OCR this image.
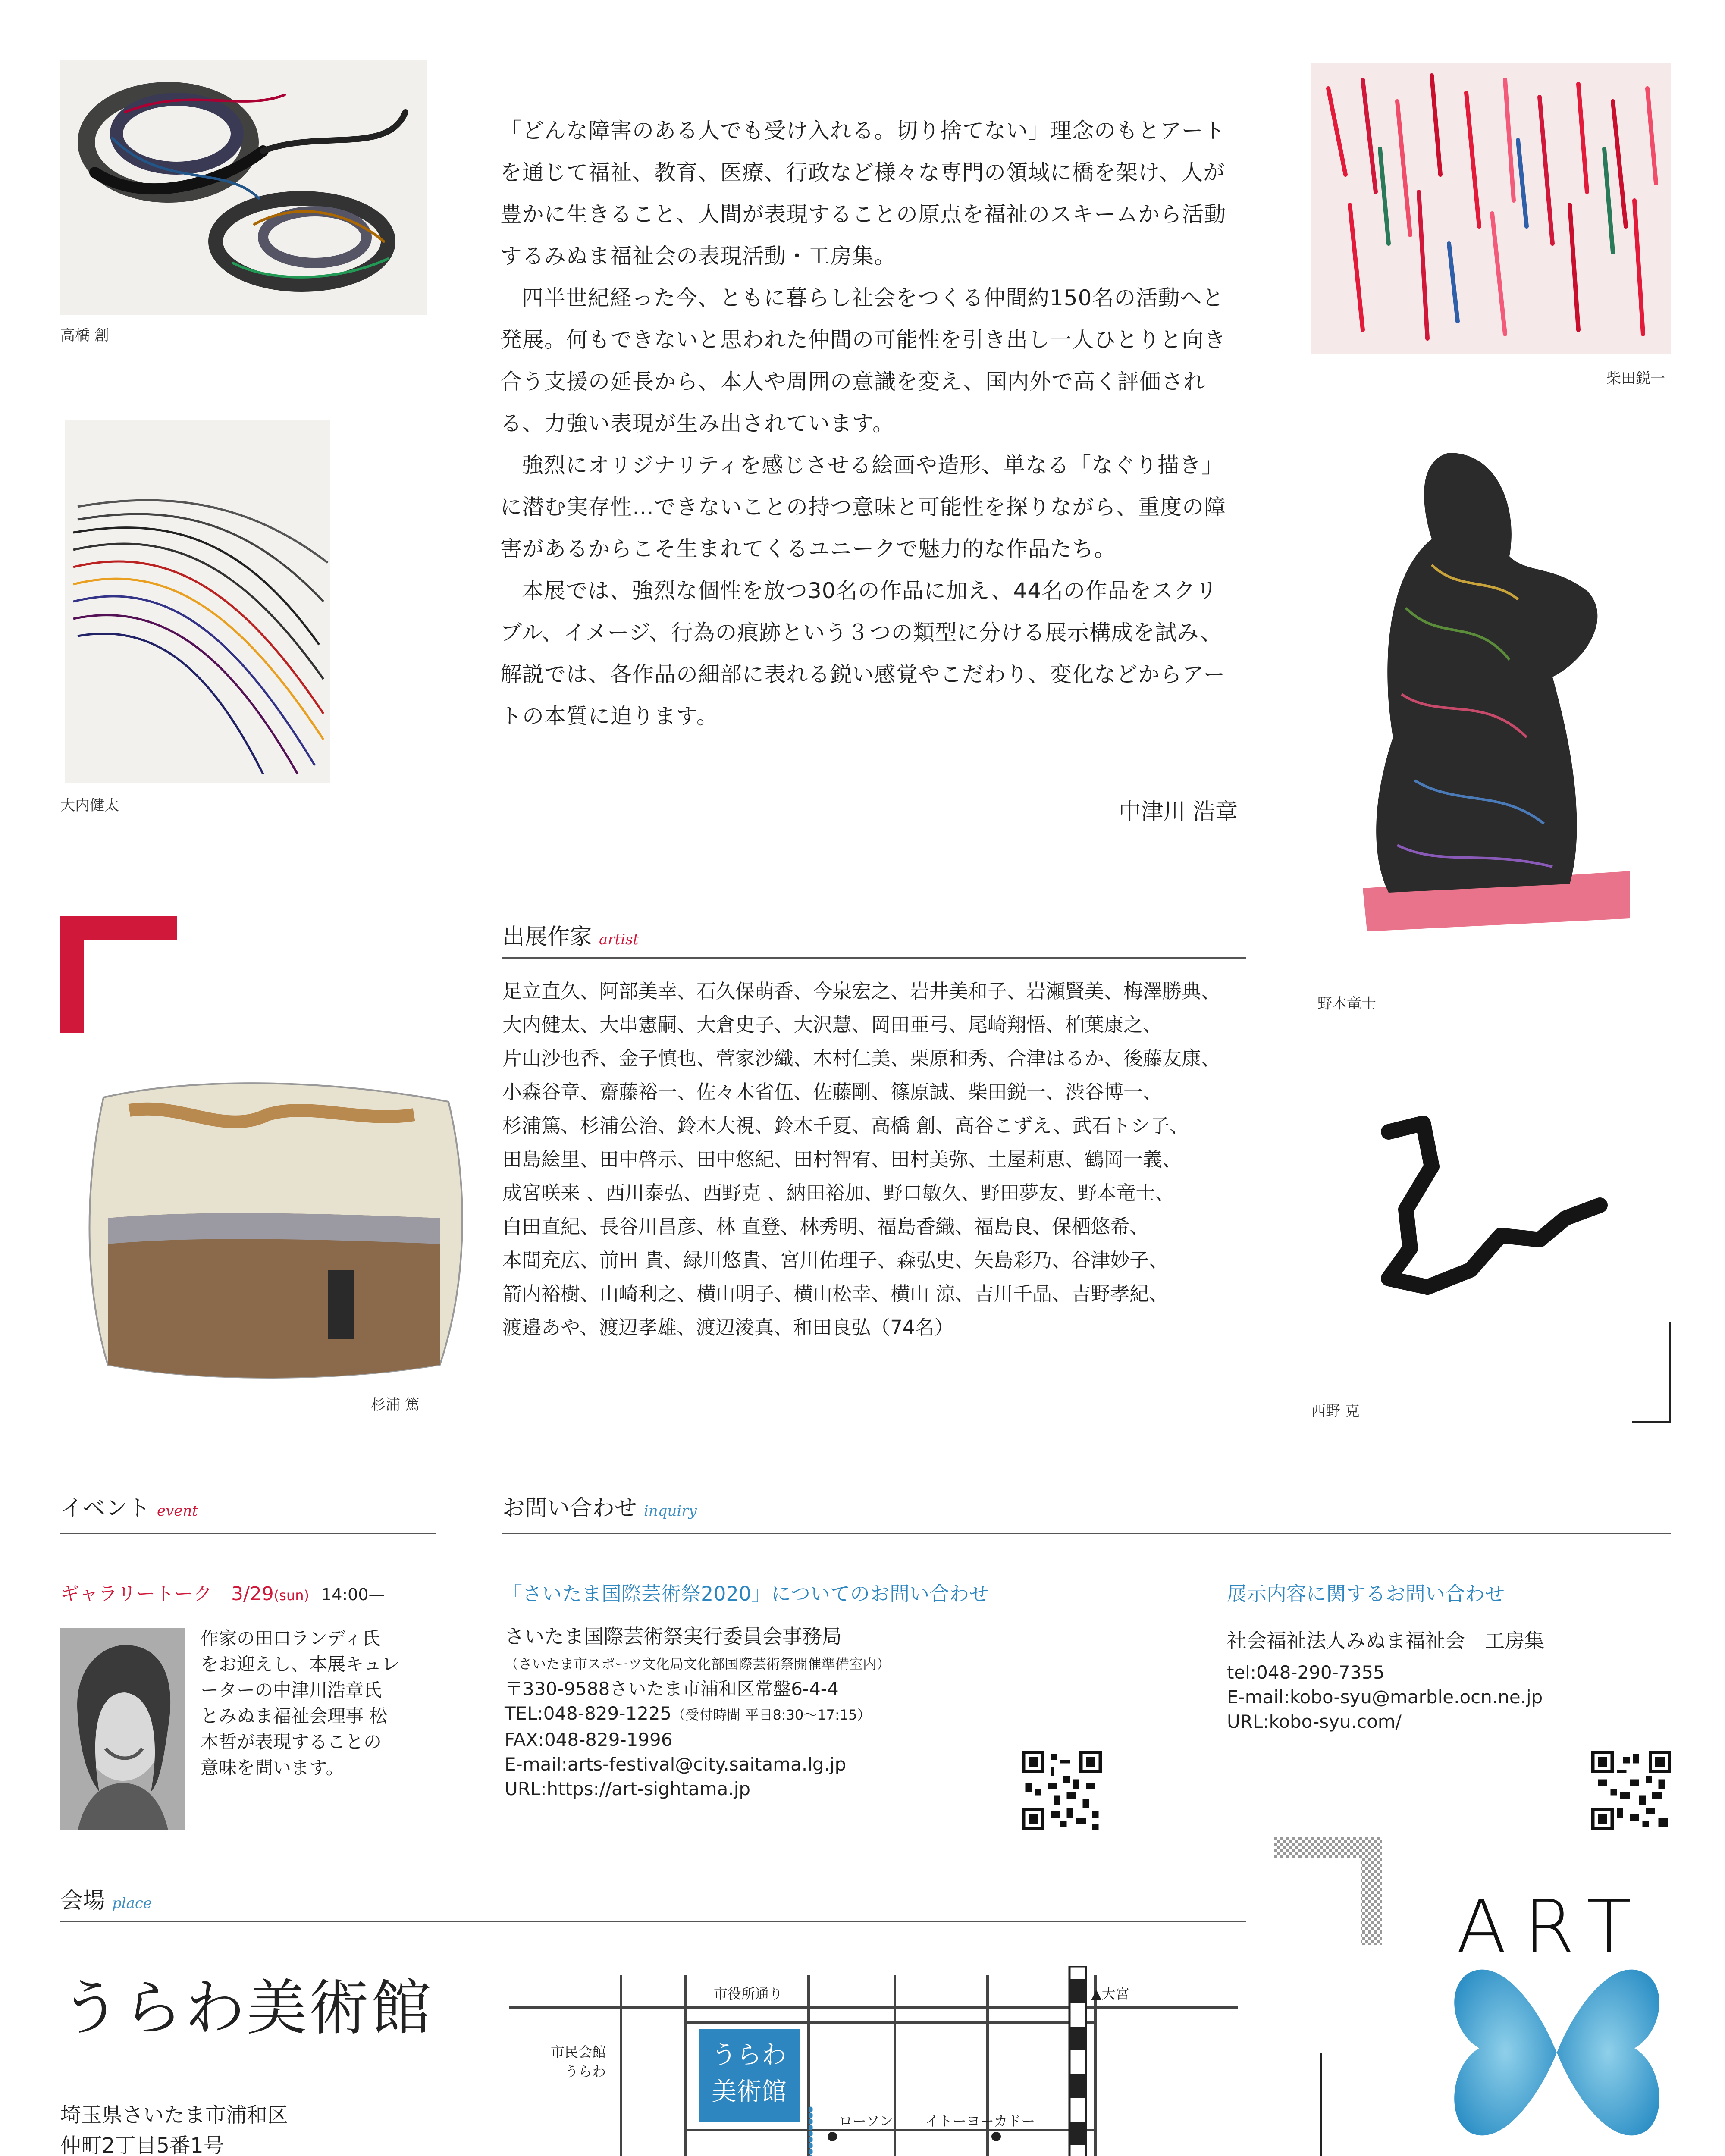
高橋 創
大内健太

「どんな障害のある人でも受け入れる。切り捨てない」理念のもとアートを通じて福祉、教育、医療、行政など様々な専門の領域に橋を架け、人が豊かに生きること、人間が表現することの原点を福祉のスキームから活動するみぬま福祉会の表現活動・工房集。

四半世紀経った今、ともに暮らし社会をつくる仲間約150名の活動へと発展。何もできないと思われた仲間の可能性を引き出し一人ひとりと向き合う支援の延長から、本人や周囲の意識を変え、国内外で高く評価される、力強い表現が生み出されています。

強烈にオリジナリティを感じさせる絵画や造形、単なる「なぐり描き」に潜む実存性…できないことの持つ意味と可能性を探りながら、重度の障害があるからこそ生まれてくるユニークで魅力的な作品たち。

本展では、強烈な個性を放つ30名の作品に加え、44名の作品をスクリブル、イメージ、行為の痕跡という３つの類型に分ける展示構成を試み、解説では、各作品の細部に表れる鋭い感覚やこだわり、変化などからアートの本質に迫ります。

中津川 浩章
柴田鋭一
野本竜士
杉浦 篤	西野 克
出展作家 artist
足立直久、阿部美幸、石久保萌香、今泉宏之、岩井美和子、岩瀬賢美、梅澤勝典、
大内健太、大串憲嗣、大倉史子、大沢慧、岡田亜弓、尾崎翔悟、柏葉康之、
片山沙也香、金子慎也、菅家沙織、木村仁美、栗原和秀、合津はるか、後藤友康、
小森谷章、齋藤裕一、佐々木省伍、佐藤剛、篠原誠、柴田鋭一、渋谷博一、
杉浦篤、杉浦公治、鈴木大視、鈴木千夏、高橋 創、高谷こずえ、武石トシ子、
田島絵里、田中啓示、田中悠紀、田村智宥、田村美弥、土屋莉恵、鶴岡一義、
成宮咲来 、西川泰弘、西野克 、納田裕加、野口敏久、野田夢友、野本竜士、
白田直紀、長谷川昌彦、林 直登、林秀明、福島香織、福島良、保栖悠希、
本間充広、前田 貴、緑川悠貴、宮川佑理子、森弘史、矢島彩乃、谷津妙子、
箭内裕樹、山崎利之、横山明子、横山松幸、横山 涼、吉川千晶、吉野孝紀、
渡邉あや、渡辺孝雄、渡辺淩真、和田良弘（74名）
イベント event
ギャラリートーク 3/29(sun) 14:00—
作家の田口ランディ氏
をお迎えし、本展キュレ
ーターの中津川浩章氏
とみぬま福祉会理事 松
本哲が表現することの
意味を問います。
お問い合わせ inquiry
「さいたま国際芸術祭2020」についてのお問い合わせ
さいたま国際芸術祭実行委員会事務局
（さいたま市スポーツ文化局文化部国際芸術祭開催準備室内）
〒330-9588さいたま市浦和区常盤6-4-4
TEL:048-829-1225（受付時間 平日8:30～17:15）
FAX:048-829-1996
E-mail:arts-festival@city.saitama.lg.jp
URL:https://art-sightama.jp
展示内容に関するお問い合わせ
社会福祉法人みぬま福祉会　工房集
tel:048-290-7355
E-mail:kobo-syu@marble.ocn.ne.jp
URL:kobo-syu.com/
会場 place
うらわ美術館
埼玉県さいたま市浦和区
仲町2丁目5番1号
うらわ
美術館
市役所通り	▲大宮
市民会館
うらわ
ローソン イトーヨーカドー
ART
